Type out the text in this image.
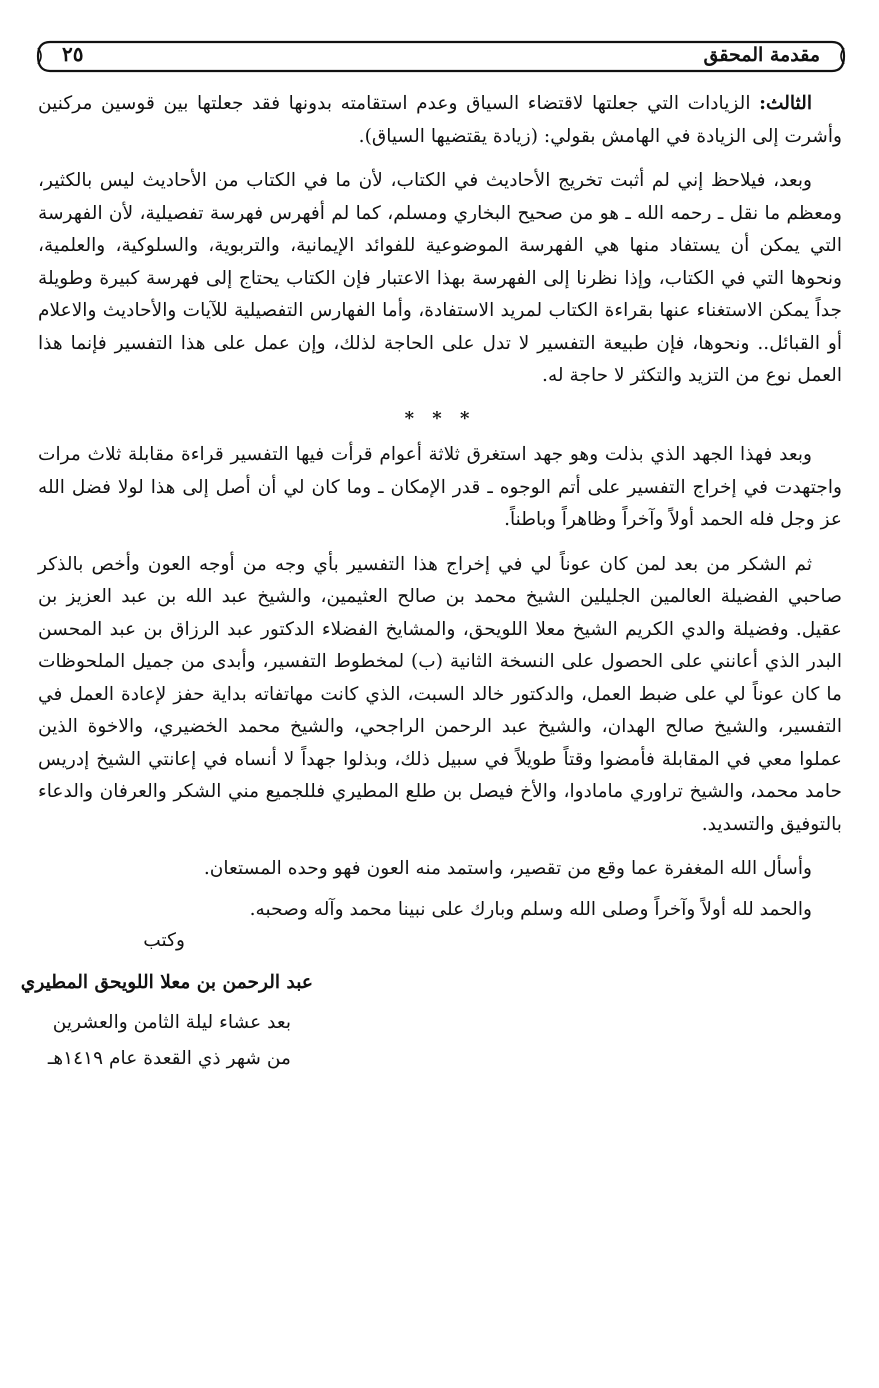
مقدمة المحقق
٢٥

الثالث: الزيادات التي جعلتها لاقتضاء السياق وعدم استقامته بدونها فقد جعلتها بين قوسين مركنين وأشرت إلى الزيادة في الهامش بقولي: (زيادة يقتضيها السياق).

وبعد، فيلاحظ إني لم أثبت تخريج الأحاديث في الكتاب، لأن ما في الكتاب من الأحاديث ليس بالكثير، ومعظم ما نقل ـ رحمه الله ـ هو من صحيح البخاري ومسلم، كما لم أفهرس فهرسة تفصيلية، لأن الفهرسة التي يمكن أن يستفاد منها هي الفهرسة الموضوعية للفوائد الإيمانية، والتربوية، والسلوكية، والعلمية، ونحوها التي في الكتاب، وإذا نظرنا إلى الفهرسة بهذا الاعتبار فإن الكتاب يحتاج إلى فهرسة كبيرة وطويلة جداً يمكن الاستغناء عنها بقراءة الكتاب لمريد الاستفادة، وأما الفهارس التفصيلية للآيات والأحاديث والاعلام أو القبائل.. ونحوها، فإن طبيعة التفسير لا تدل على الحاجة لذلك، وإن عمل على هذا التفسير فإنما هذا العمل نوع من التزيد والتكثر لا حاجة له.

* * *

وبعد فهذا الجهد الذي بذلت وهو جهد استغرق ثلاثة أعوام قرأت فيها التفسير قراءة مقابلة ثلاث مرات واجتهدت في إخراج التفسير على أتم الوجوه ـ قدر الإمكان ـ وما كان لي أن أصل إلى هذا لولا فضل الله عز وجل فله الحمد أولاً وآخراً وظاهراً وباطناً.

ثم الشكر من بعد لمن كان عوناً لي في إخراج هذا التفسير بأي وجه من أوجه العون وأخص بالذكر صاحبي الفضيلة العالمين الجليلين الشيخ محمد بن صالح العثيمين، والشيخ عبد الله بن عبد العزيز بن عقيل. وفضيلة والدي الكريم الشيخ معلا اللويحق، والمشايخ الفضلاء الدكتور عبد الرزاق بن عبد المحسن البدر الذي أعانني على الحصول على النسخة الثانية (ب) لمخطوط التفسير، وأبدى من جميل الملحوظات ما كان عوناً لي على ضبط العمل، والدكتور خالد السبت، الذي كانت مهاتفاته بداية حفز لإعادة العمل في التفسير، والشيخ صالح الهدان، والشيخ عبد الرحمن الراجحي، والشيخ محمد الخضيري، والاخوة الذين عملوا معي في المقابلة فأمضوا وقتاً طويلاً في سبيل ذلك، وبذلوا جهداً لا أنساه في إعانتي الشيخ إدريس حامد محمد، والشيخ تراوري مامادوا، والأخ فيصل بن طلع المطيري فللجميع مني الشكر والعرفان والدعاء بالتوفيق والتسديد.

وأسأل الله المغفرة عما وقع من تقصير، واستمد منه العون فهو وحده المستعان.

والحمد لله أولاً وآخراً وصلى الله وسلم وبارك على نبينا محمد وآله وصحبه.

وكتب
عبد الرحمن بن معلا اللويحق المطيري
بعد عشاء ليلة الثامن والعشرين
من شهر ذي القعدة عام ١٤١٩هـ
